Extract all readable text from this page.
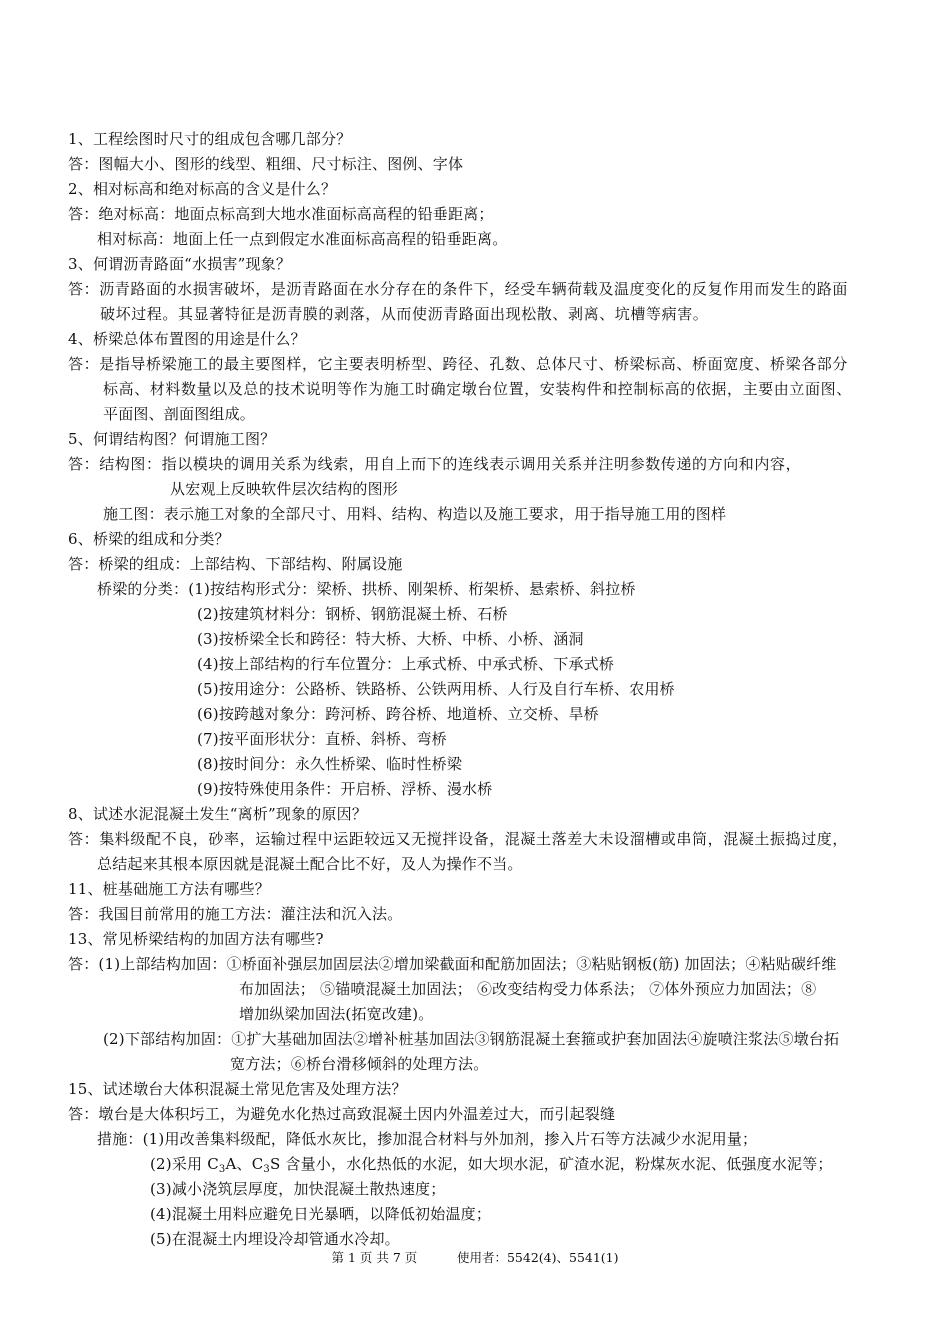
1、工程绘图时尺寸的组成包含哪几部分？
答：图幅大小、图形的线型、粗细、尺寸标注、图例、字体
2、相对标高和绝对标高的含义是什么？
答：绝对标高：地面点标高到大地水准面标高高程的铅垂距离；
相对标高：地面上任一点到假定水准面标高高程的铅垂距离。
3、何谓沥青路面“水损害”现象？
答：沥青路面的水损害破坏，是沥青路面在水分存在的条件下，经受车辆荷载及温度变化的反复作用而发生的路面
破坏过程。其显著特征是沥青膜的剥落，从而使沥青路面出现松散、剥离、坑槽等病害。
4、桥梁总体布置图的用途是什么？
答：是指导桥梁施工的最主要图样，它主要表明桥型、跨径、孔数、总体尺寸、桥梁标高、桥面宽度、桥梁各部分
标高、材料数量以及总的技术说明等作为施工时确定墩台位置，安装构件和控制标高的依据，主要由立面图、
平面图、剖面图组成。
5、何谓结构图？何谓施工图？
答：结构图：指以模块的调用关系为线索，用自上而下的连线表示调用关系并注明参数传递的方向和内容，
从宏观上反映软件层次结构的图形
施工图：表示施工对象的全部尺寸、用料、结构、构造以及施工要求，用于指导施工用的图样
6、桥梁的组成和分类？
答：桥梁的组成：上部结构、下部结构、附属设施
桥梁的分类：(1)按结构形式分：梁桥、拱桥、刚架桥、桁架桥、悬索桥、斜拉桥
(2)按建筑材料分：钢桥、钢筋混凝土桥、石桥
(3)按桥梁全长和跨径：特大桥、大桥、中桥、小桥、涵洞
(4)按上部结构的行车位置分：上承式桥、中承式桥、下承式桥
(5)按用途分：公路桥、铁路桥、公铁两用桥、人行及自行车桥、农用桥
(6)按跨越对象分：跨河桥、跨谷桥、地道桥、立交桥、旱桥
(7)按平面形状分：直桥、斜桥、弯桥
(8)按时间分：永久性桥梁、临时性桥梁
(9)按特殊使用条件：开启桥、浮桥、漫水桥
8、试述水泥混凝土发生“离析”现象的原因？
答：集料级配不良，砂率，运输过程中运距较远又无搅拌设备，混凝土落差大未设溜槽或串筒，混凝土振捣过度，
总结起来其根本原因就是混凝土配合比不好，及人为操作不当。
11、桩基础施工方法有哪些？
答：我国目前常用的施工方法：灌注法和沉入法。
13、常见桥梁结构的加固方法有哪些?
答：(1)上部结构加固：①桥面补强层加固层法②增加梁截面和配筋加固法；③粘贴钢板(筋) 加固法；④粘贴碳纤维
布加固法； ⑤锚喷混凝土加固法； ⑥改变结构受力体系法； ⑦体外预应力加固法；⑧
增加纵梁加固法(拓宽改建)。
(2)下部结构加固：①扩大基础加固法②增补桩基加固法③钢筋混凝土套箍或护套加固法④旋喷注浆法⑤墩台拓
宽方法；⑥桥台滑移倾斜的处理方法。
15、试述墩台大体积混凝土常见危害及处理方法？
答：墩台是大体积圬工，为避免水化热过高致混凝土因内外温差过大，而引起裂缝
措施：(1)用改善集料级配，降低水灰比，掺加混合材料与外加剂，掺入片石等方法减少水泥用量；
(2)采用 $C_3A$、$C_3S$ 含量小，水化热低的水泥，如大坝水泥，矿渣水泥，粉煤灰水泥、低强度水泥等；
(3)减小浇筑层厚度，加快混凝土散热速度；
(4)混凝土用料应避免日光暴晒，以降低初始温度；
(5)在混凝土内埋设冷却管通水冷却。
第 1 页 共 7 页          使用者：5542(4)、5541(1)
